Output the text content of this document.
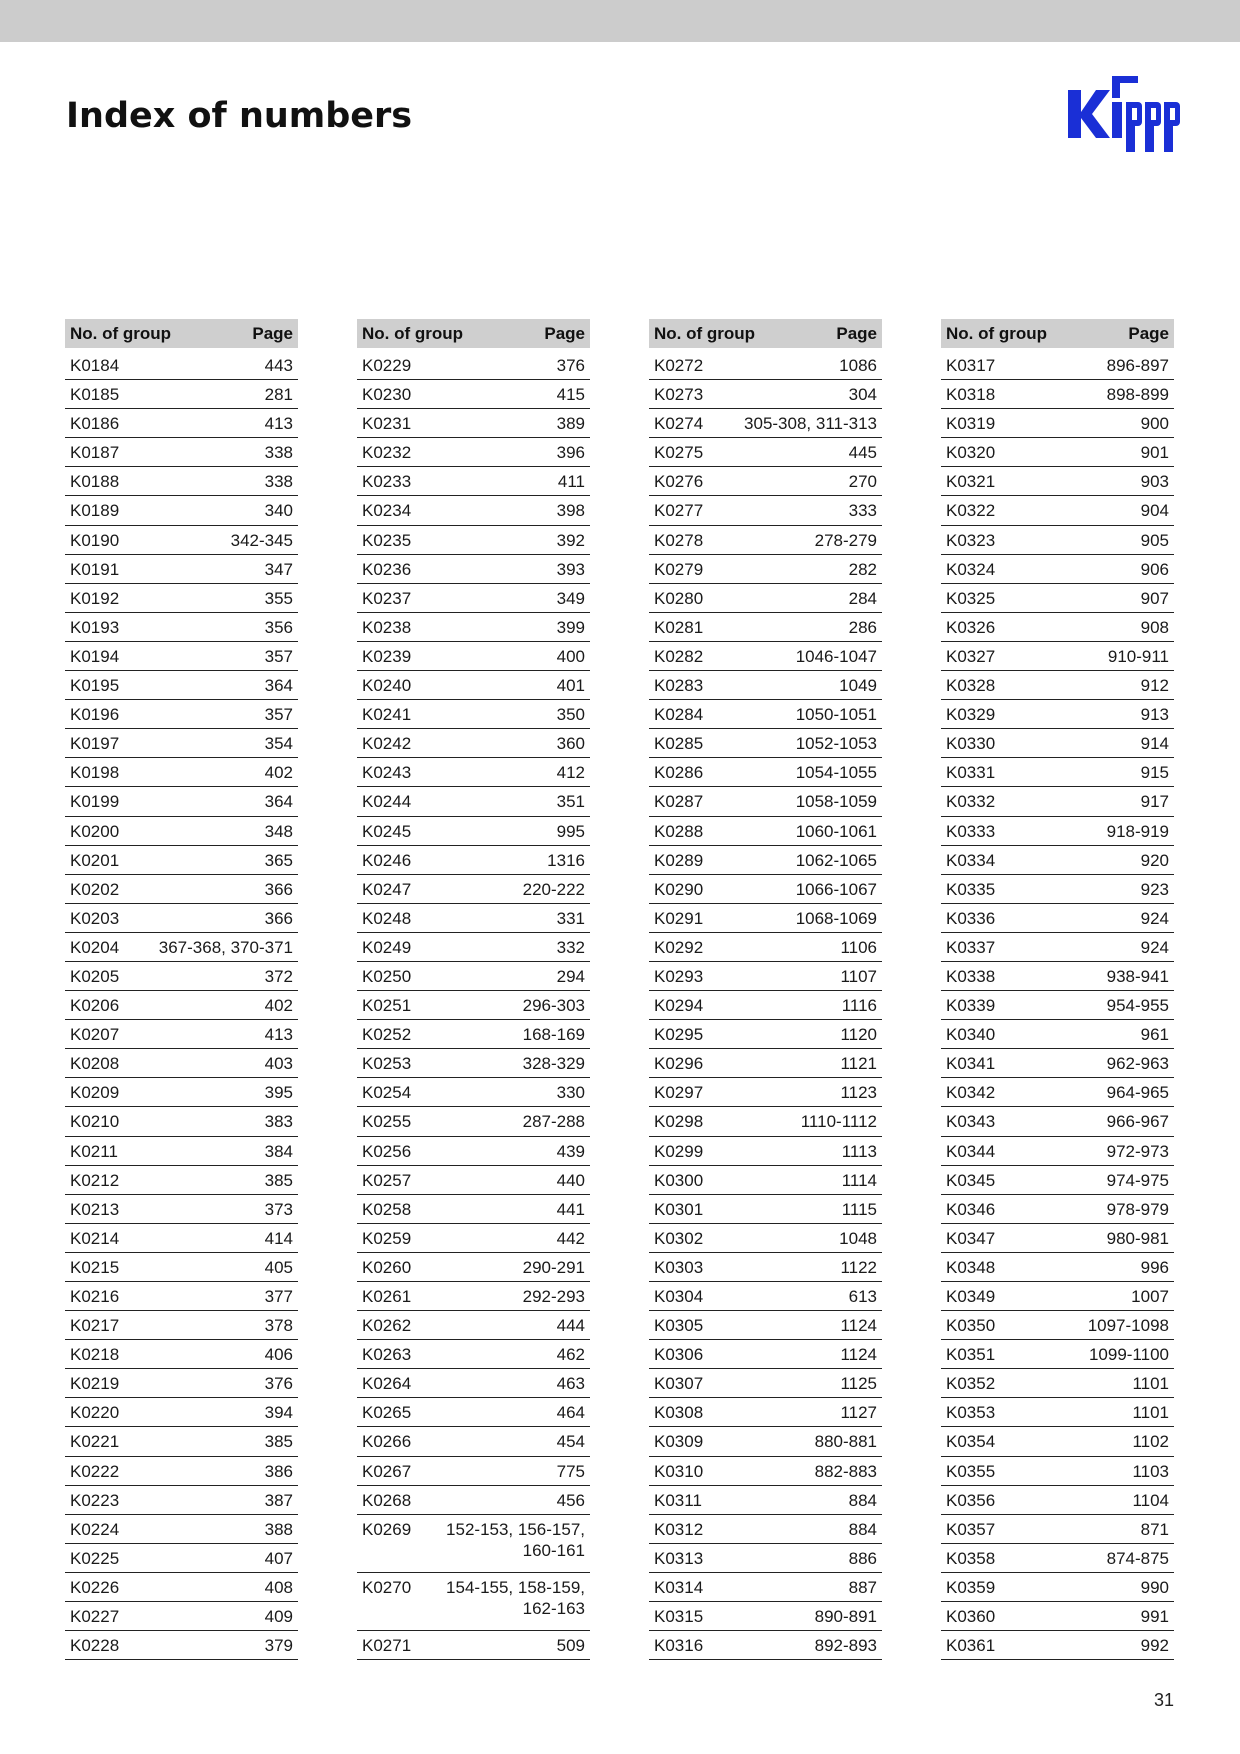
Index of numbers
No. of group	Page
K0184	443
K0185	281
K0186	413
K0187	338
K0188	338
K0189	340
K0190	342-345
K0191	347
K0192	355
K0193	356
K0194	357
K0195	364
K0196	357
K0197	354
K0198	402
K0199	364
K0200	348
K0201	365
K0202	366
K0203	366
K0204 367-368, 370-371
K0205	372
K0206	402
K0207	413
K0208	403
K0209	395
K0210	383
K0211	384
K0212	385
K0213	373
K0214	414
K0215	405
K0216	377
K0217	378
K0218	406
K0219	376
K0220	394
K0221	385
K0222	386
K0223	387
K0224	388
K0225	407
K0226	408
K0227	409
K0228	379
No. of group	Page
K0229	376
K0230	415
K0231	389
K0232	396
K0233	411
K0234	398
K0235	392
K0236	393
K0237	349
K0238	399
K0239	400
K0240	401
K0241	350
K0242	360
K0243	412
K0244	351
K0245	995
K0246	1316
K0247	220-222
K0248	331
K0249	332
K0250	294
K0251	296-303
K0252	168-169
K0253	328-329
K0254	330
K0255	287-288
K0256	439
K0257	440
K0258	441
K0259	442
K0260	290-291
K0261	292-293
K0262	444
K0263	462
K0264	463
K0265	464
K0266	454
K0267	775
K0268	456
K0269 152-153, 156-157,
160-161
K0270 154-155, 158-159,
162-163
K0271	509
No. of group	Page
K0272	1086
K0273	304
K0274 305-308, 311-313
K0275	445
K0276	270
K0277	333
K0278	278-279
K0279	282
K0280	284
K0281	286
K0282	1046-1047
K0283	1049
K0284	1050-1051
K0285	1052-1053
K0286	1054-1055
K0287	1058-1059
K0288	1060-1061
K0289	1062-1065
K0290	1066-1067
K0291	1068-1069
K0292	1106
K0293	1107
K0294	1116
K0295	1120
K0296	1121
K0297	1123
K0298	1110-1112
K0299	1113
K0300	1114
K0301	1115
K0302	1048
K0303	1122
K0304	613
K0305	1124
K0306	1124
K0307	1125
K0308	1127
K0309	880-881
K0310	882-883
K0311	884
K0312	884
K0313	886
K0314	887
K0315	890-891
K0316	892-893
No. of group	Page
K0317	896-897
K0318	898-899
K0319	900
K0320	901
K0321	903
K0322	904
K0323	905
K0324	906
K0325	907
K0326	908
K0327	910-911
K0328	912
K0329	913
K0330	914
K0331	915
K0332	917
K0333	918-919
K0334	920
K0335	923
K0336	924
K0337	924
K0338	938-941
K0339	954-955
K0340	961
K0341	962-963
K0342	964-965
K0343	966-967
K0344	972-973
K0345	974-975
K0346	978-979
K0347	980-981
K0348	996
K0349	1007
K0350	1097-1098
K0351	1099-1100
K0352	1101
K0353	1101
K0354	1102
K0355	1103
K0356	1104
K0357	871
K0358	874-875
K0359	990
K0360	991
K0361	992
31
